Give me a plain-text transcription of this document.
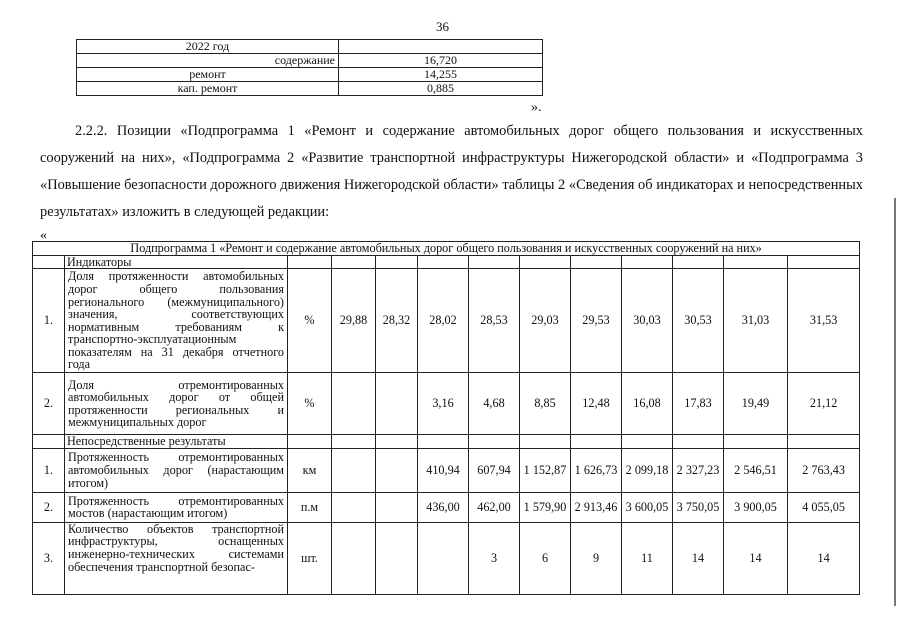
36
2022 год	
содержание	16,720
ремонт	14,255
кап. ремонт	0,885
».
2.2.2. Позиции «Подпрограмма 1 «Ремонт и содержание автомобильных дорог общего пользования и искусственных сооружений на них», «Подпрограмма 2 «Развитие транспортной инфраструктуры Нижегородской области» и «Подпрограмма 3 «Повышение безопасности дорожного движения Нижегородской области» таблицы 2 «Сведения об индикаторах и непосредственных результатах» изложить в следующей редакции:
«
Подпрограмма 1 «Ремонт и содержание автомобильных дорог общего пользования и искусственных сооружений на них»												
	Индикаторы											
1.	Доля протяженности автомобильных дорог общего пользования регионального (межмуниципального) значения, соответствующих нормативным требованиям к транспортно-эксплуатационным показателям на 31 декабря отчетного года	%	29,88	28,32	28,02	28,53	29,03	29,53	30,03	30,53	31,03	31,53
2.	Доля отремонтированных автомобильных дорог от общей протяженности региональных и межмуниципальных дорог	%			3,16	4,68	8,85	12,48	16,08	17,83	19,49	21,12
	Непосредственные результаты											
1.	Протяженность отремонтированных автомобильных дорог (нарастающим итогом)	км			410,94	607,94	1 152,87	1 626,73	2 099,18	2 327,23	2 546,51	2 763,43
2.	Протяженность отремонтированных мостов (нарастающим итогом)	п.м			436,00	462,00	1 579,90	2 913,46	3 600,05	3 750,05	3 900,05	4 055,05
3.	Количество объектов транспортной инфраструктуры, оснащенных инженерно-технических системами обеспечения транспортной безопас-	шт.				3	6	9	11	14	14	14
